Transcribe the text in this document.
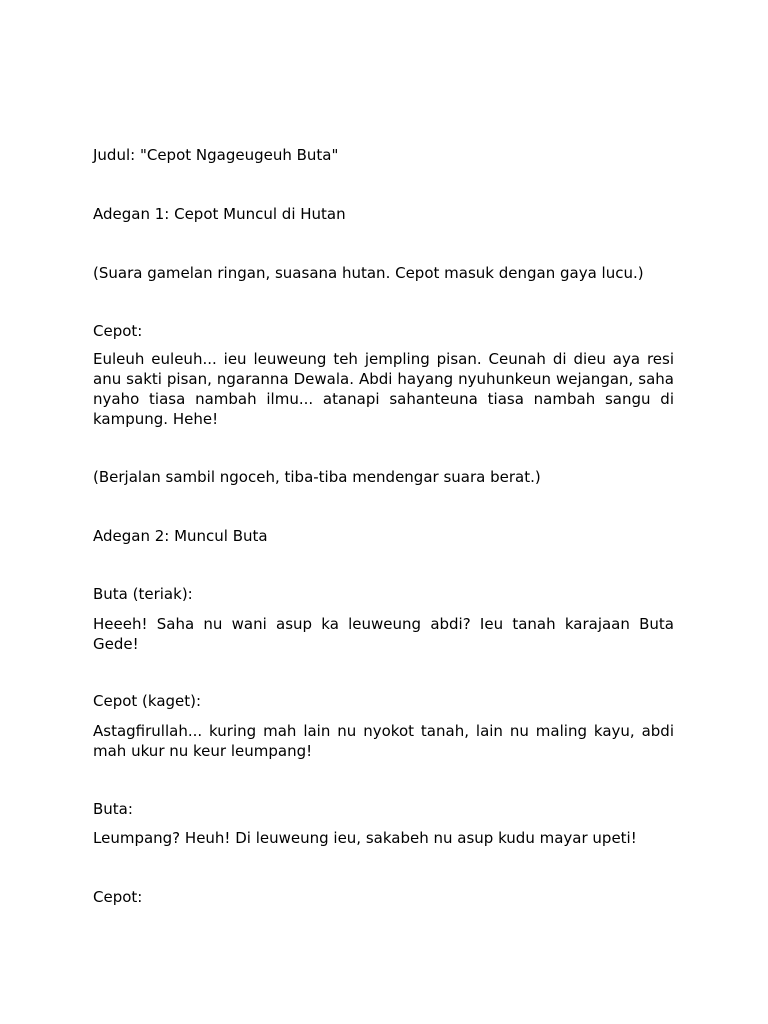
Judul: "Cepot Ngageugeuh Buta"
Adegan 1: Cepot Muncul di Hutan
(Suara gamelan ringan, suasana hutan. Cepot masuk dengan gaya lucu.)
Cepot:
Euleuh euleuh... ieu leuweung teh jempling pisan. Ceunah di dieu aya resi anu sakti pisan, ngaranna Dewala. Abdi hayang nyuhunkeun wejangan, saha nyaho tiasa nambah ilmu... atanapi sahanteuna tiasa nambah sangu di kampung. Hehe!
(Berjalan sambil ngoceh, tiba-tiba mendengar suara berat.)
Adegan 2: Muncul Buta
Buta (teriak):
Heeeh! Saha nu wani asup ka leuweung abdi? Ieu tanah karajaan Buta Gede!
Cepot (kaget):
Astagfirullah... kuring mah lain nu nyokot tanah, lain nu maling kayu, abdi mah ukur nu keur leumpang!
Buta:
Leumpang? Heuh! Di leuweung ieu, sakabeh nu asup kudu mayar upeti!
Cepot:
